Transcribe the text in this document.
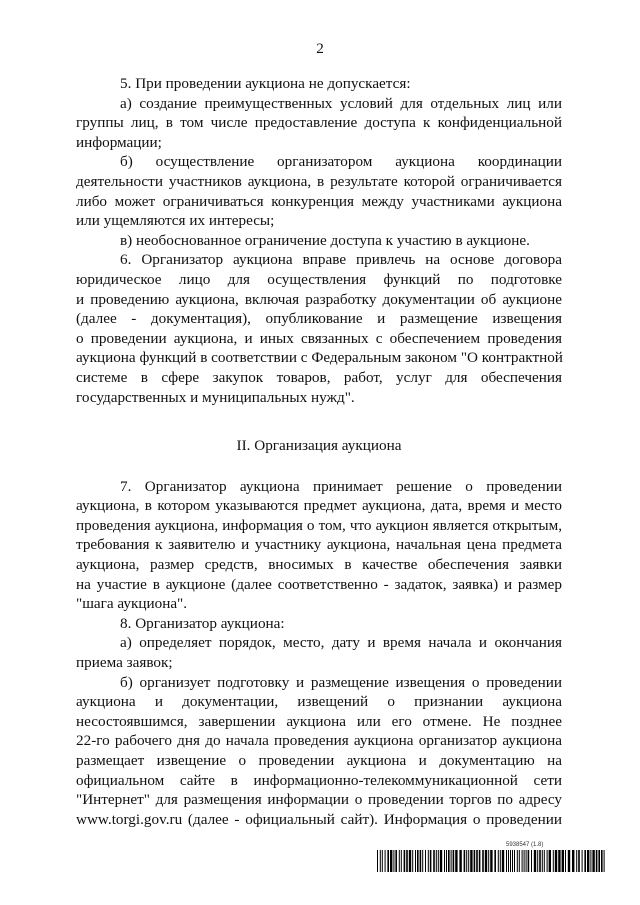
2
5. При проведении аукциона не допускается:
а) создание преимущественных условий для отдельных лиц или
группы лиц, в том числе предоставление доступа к конфиденциальной
информации;
б) осуществление организатором аукциона координации
деятельности участников аукциона, в результате которой ограничивается
либо может ограничиваться конкуренция между участниками аукциона
или ущемляются их интересы;
в) необоснованное ограничение доступа к участию в аукционе.
6. Организатор аукциона вправе привлечь на основе договора
юридическое лицо для осуществления функций по подготовке
и проведению аукциона, включая разработку документации об аукционе
(далее - документация), опубликование и размещение извещения
о проведении аукциона, и иных связанных с обеспечением проведения
аукциона функций в соответствии с Федеральным законом "О контрактной
системе в сфере закупок товаров, работ, услуг для обеспечения
государственных и муниципальных нужд".
II. Организация аукциона
7. Организатор аукциона принимает решение о проведении
аукциона, в котором указываются предмет аукциона, дата, время и место
проведения аукциона, информация о том, что аукцион является открытым,
требования к заявителю и участнику аукциона, начальная цена предмета
аукциона, размер средств, вносимых в качестве обеспечения заявки
на участие в аукционе (далее соответственно - задаток, заявка) и размер
"шага аукциона".
8. Организатор аукциона:
а) определяет порядок, место, дату и время начала и окончания
приема заявок;
б) организует подготовку и размещение извещения о проведении
аукциона и документации, извещений о признании аукциона
несостоявшимся, завершении аукциона или его отмене. Не позднее
22-го рабочего дня до начала проведения аукциона организатор аукциона
размещает извещение о проведении аукциона и документацию на
официальном сайте в информационно-телекоммуникационной сети
"Интернет" для размещения информации о проведении торгов по адресу
www.torgi.gov.ru (далее - официальный сайт). Информация о проведении
5938547 (1.8)
